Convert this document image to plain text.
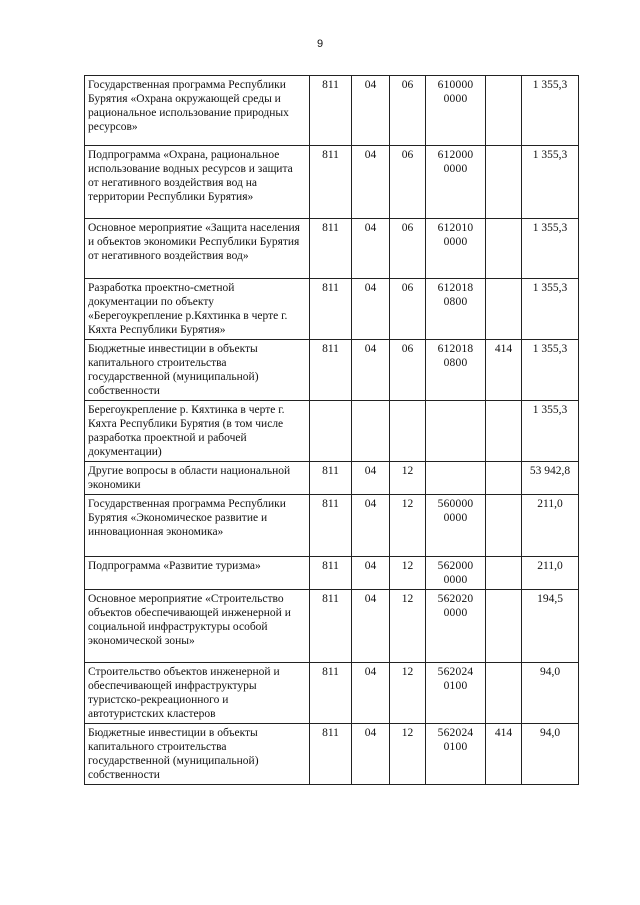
9
Государственная программа Республики Бурятия «Охрана окружающей среды и рациональное использование природных ресурсов»	811	04	06	610000 0000		1 355,3
Подпрограмма «Охрана, рациональное использование водных ресурсов и защита от негативного воздействия вод на территории Республики Бурятия»	811	04	06	612000 0000		1 355,3
Основное мероприятие «Защита населения и объектов экономики Республики Бурятия от негативного воздействия вод»	811	04	06	612010 0000		1 355,3
Разработка проектно-сметной документации по объекту «Берегоукрепление р.Кяхтинка в черте г. Кяхта Республики Бурятия»	811	04	06	612018 0800		1 355,3
Бюджетные инвестиции в объекты капитального строительства государственной (муниципальной) собственности	811	04	06	612018 0800	414	1 355,3
Берегоукрепление р. Кяхтинка в черте г. Кяхта Республики Бурятия (в том числе разработка проектной и рабочей документации)						1 355,3
Другие вопросы в области национальной экономики	811	04	12			53 942,8
Государственная программа Республики Бурятия «Экономическое развитие и инновационная экономика»	811	04	12	560000 0000		211,0
Подпрограмма «Развитие туризма»	811	04	12	562000 0000		211,0
Основное мероприятие «Строительство объектов обеспечивающей инженерной и социальной инфраструктуры особой экономической зоны»	811	04	12	562020 0000		194,5
Строительство объектов инженерной и обеспечивающей инфраструктуры туристско-рекреационного и автотуристских кластеров	811	04	12	562024 0100		94,0
Бюджетные инвестиции в объекты капитального строительства государственной (муниципальной) собственности	811	04	12	562024 0100	414	94,0
